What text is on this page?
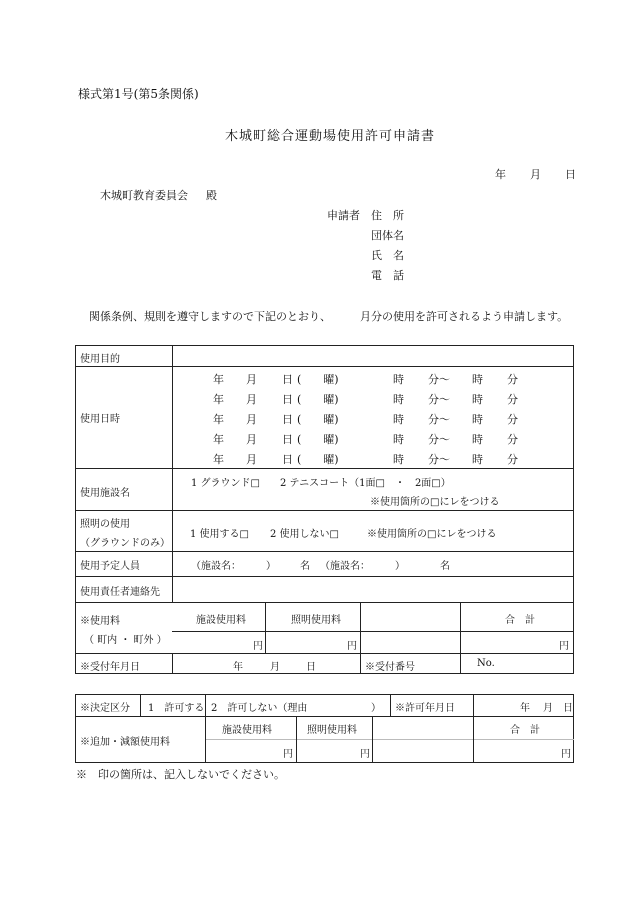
様式第1号(第5条関係)
木城町総合運動場使用許可申請書
年 月 日
木城町教育委員会 殿
申請者 住　所
団体名
氏　名
電　話
関係条例、規則を遵守しますので下記のとおり、	月分の使用を許可されるよう申請します。
使用目的
使用日時
年 月 日 (　　曜)	時 分〜 時 分
年 月 日 (　　曜)	時 分〜 時 分
年 月 日 (　　曜)	時 分〜 時 分
年 月 日 (　　曜)	時 分〜 時 分
年 月 日 (　　曜)	時 分〜 時 分
使用施設名
1 グラウンド□　　2 テニスコート（1面□　・　2面□）
※使用箇所の□にレをつける
照明の使用
（グラウンドのみ）
1 使用する□ 2 使用しない□	※使用箇所の□にレをつける
使用予定人員	（施設名：　　　） 名 （施設名：　　　）	名
使用責任者連絡先
※使用料
（ 町内 ・ 町外 ）
施設使用料	照明使用料	合　計
円	円	円
※受付年月日	年	月	日	※受付番号	No.
※決定区分 1　許可する 2　許可しない（理由	） ※許可年月日	年 月 日
※追加・減額使用料
施設使用料	照明使用料	合　計
円	円	円
※　印の箇所は、記入しないでください。
